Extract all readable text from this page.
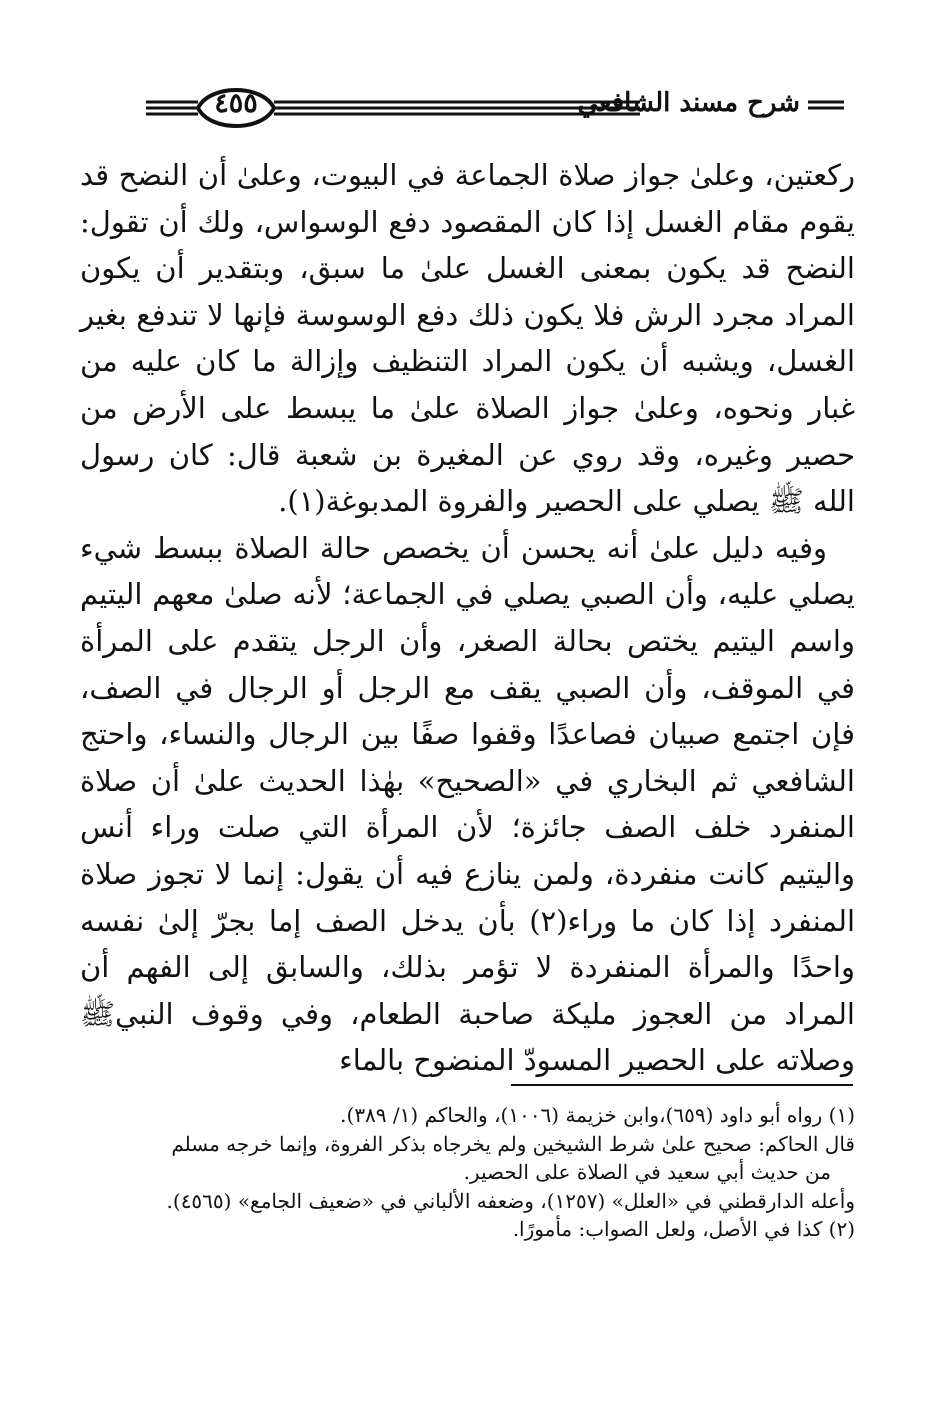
٤٥٥	شرح مسند الشافعي

ركعتين، وعلىٰ جواز صلاة الجماعة في البيوت، وعلىٰ أن النضح قد يقوم مقام الغسل إذا كان المقصود دفع الوسواس، ولك أن تقول: النضح قد يكون بمعنى الغسل علىٰ ما سبق، وبتقدير أن يكون المراد مجرد الرش فلا يكون ذلك دفع الوسوسة فإنها لا تندفع بغير الغسل، ويشبه أن يكون المراد التنظيف وإزالة ما كان عليه من غبار ونحوه، وعلىٰ جواز الصلاة علىٰ ما يبسط على الأرض من حصير وغيره، وقد روي عن المغيرة بن شعبة قال: كان رسول الله ﷺ يصلي على الحصير والفروة المدبوغة(١).

وفيه دليل علىٰ أنه يحسن أن يخصص حالة الصلاة ببسط شيء يصلي عليه، وأن الصبي يصلي في الجماعة؛ لأنه صلىٰ معهم اليتيم واسم اليتيم يختص بحالة الصغر، وأن الرجل يتقدم على المرأة في الموقف، وأن الصبي يقف مع الرجل أو الرجال في الصف، فإن اجتمع صبيان فصاعدًا وقفوا صفًا بين الرجال والنساء، واحتج الشافعي ثم البخاري في «الصحيح» بهٰذا الحديث علىٰ أن صلاة المنفرد خلف الصف جائزة؛ لأن المرأة التي صلت وراء أنس واليتيم كانت منفردة، ولمن ينازع فيه أن يقول: إنما لا تجوز صلاة المنفرد إذا كان ما وراء(٢) بأن يدخل الصف إما بجرّ إلىٰ نفسه واحدًا والمرأة المنفردة لا تؤمر بذلك، والسابق إلى الفهم أن المراد من العجوز مليكة صاحبة الطعام، وفي وقوف النبيﷺ وصلاته على الحصير المسودّ المنضوح بالماء

(١) رواه أبو داود (٦٥٩)،وابن خزيمة (١٠٠٦)، والحاكم (١/ ٣٨٩).

قال الحاكم: صحيح علىٰ شرط الشيخين ولم يخرجاه بذكر الفروة، وإنما خرجه مسلم

من حديث أبي سعيد في الصلاة على الحصير.

وأعله الدارقطني في «العلل» (١٢٥٧)، وضعفه الألباني في «ضعيف الجامع» (٤٥٦٥).

(٢) كذا في الأصل، ولعل الصواب: مأمورًا.
